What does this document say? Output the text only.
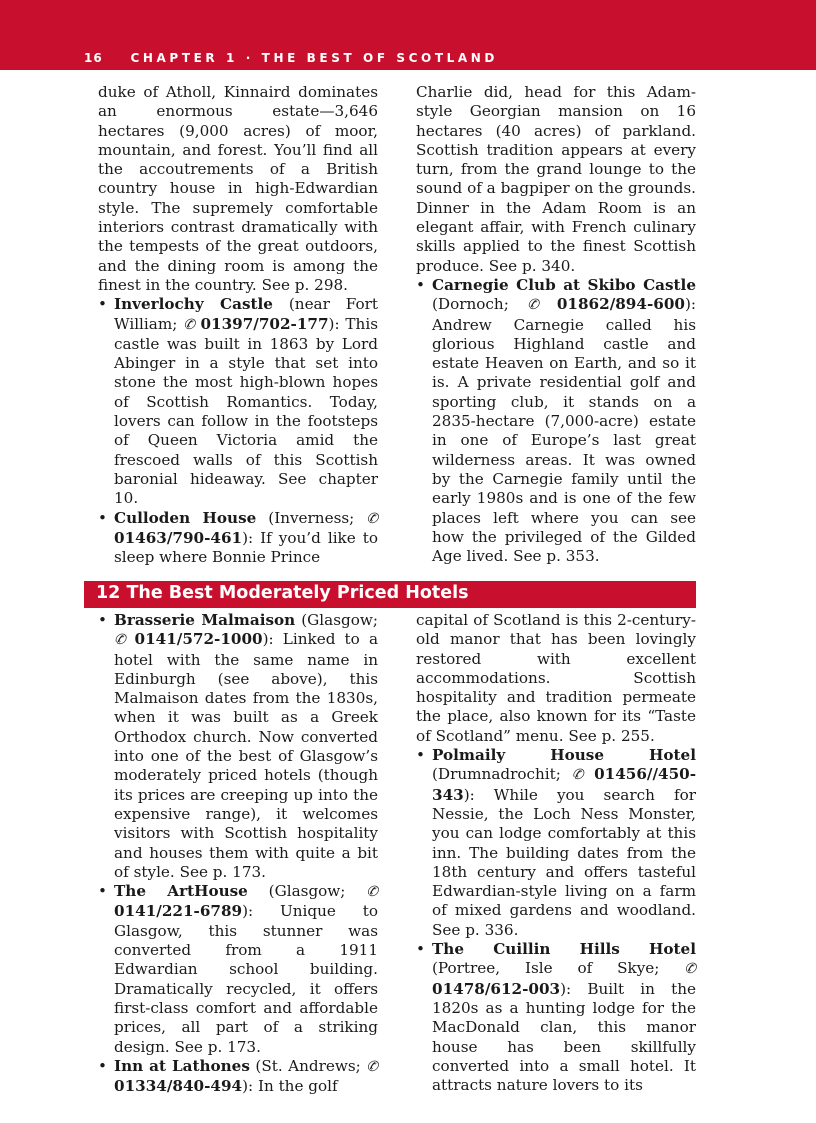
16 CHAPTER 1 · THE BEST OF SCOTLAND

duke of Atholl, Kinnaird dominates an enormous estate—3,646 hectares (9,000 acres) of moor, mountain, and forest. You’ll find all the accoutrements of a British country house in high-Edwardian style. The supremely comfortable interiors contrast dramatically with the tempests of the great outdoors, and the dining room is among the finest in the country. See p. 298.

• Inverlochy Castle (near Fort William; ✆ 01397/702-177): This castle was built in 1863 by Lord Abinger in a style that set into stone the most high-blown hopes of Scottish Romantics. Today, lovers can follow in the footsteps of Queen Victoria amid the frescoed walls of this Scottish baronial hideaway. See chapter 10.

• Culloden House (Inverness; ✆ 01463/790-461): If you’d like to sleep where Bonnie Prince

Charlie did, head for this Adam-style Georgian mansion on 16 hectares (40 acres) of parkland. Scottish tradition appears at every turn, from the grand lounge to the sound of a bagpiper on the grounds. Dinner in the Adam Room is an elegant affair, with French culinary skills applied to the finest Scottish produce. See p. 340.

• Carnegie Club at Skibo Castle (Dornoch; ✆ 01862/894-600): Andrew Carnegie called his glorious Highland castle and estate Heaven on Earth, and so it is. A private residential golf and sporting club, it stands on a 2835-hectare (7,000-acre) estate in one of Europe’s last great wilderness areas. It was owned by the Carnegie family until the early 1980s and is one of the few places left where you can see how the privileged of the Gilded Age lived. See p. 353.

12 The Best Moderately Priced Hotels

• Brasserie Malmaison (Glasgow; ✆ 0141/572-1000): Linked to a hotel with the same name in Edinburgh (see above), this Malmaison dates from the 1830s, when it was built as a Greek Orthodox church. Now converted into one of the best of Glasgow’s moderately priced hotels (though its prices are creeping up into the expensive range), it welcomes visitors with Scottish hospitality and houses them with quite a bit of style. See p. 173.

• The ArtHouse (Glasgow; ✆ 0141/221-6789): Unique to Glasgow, this stunner was converted from a 1911 Edwardian school building. Dramatically recycled, it offers first-class comfort and affordable prices, all part of a striking design. See p. 173.

• Inn at Lathones (St. Andrews; ✆ 01334/840-494): In the golf

capital of Scotland is this 2-century-old manor that has been lovingly restored with excellent accommodations. Scottish hospitality and tradition permeate the place, also known for its “Taste of Scotland” menu. See p. 255.

• Polmaily House Hotel (Drumnadrochit; ✆ 01456//450-343): While you search for Nessie, the Loch Ness Monster, you can lodge comfortably at this inn. The building dates from the 18th century and offers tasteful Edwardian-style living on a farm of mixed gardens and woodland. See p. 336.

• The Cuillin Hills Hotel (Portree, Isle of Skye; ✆ 01478/612-003): Built in the 1820s as a hunting lodge for the MacDonald clan, this manor house has been skillfully converted into a small hotel. It attracts nature lovers to its
